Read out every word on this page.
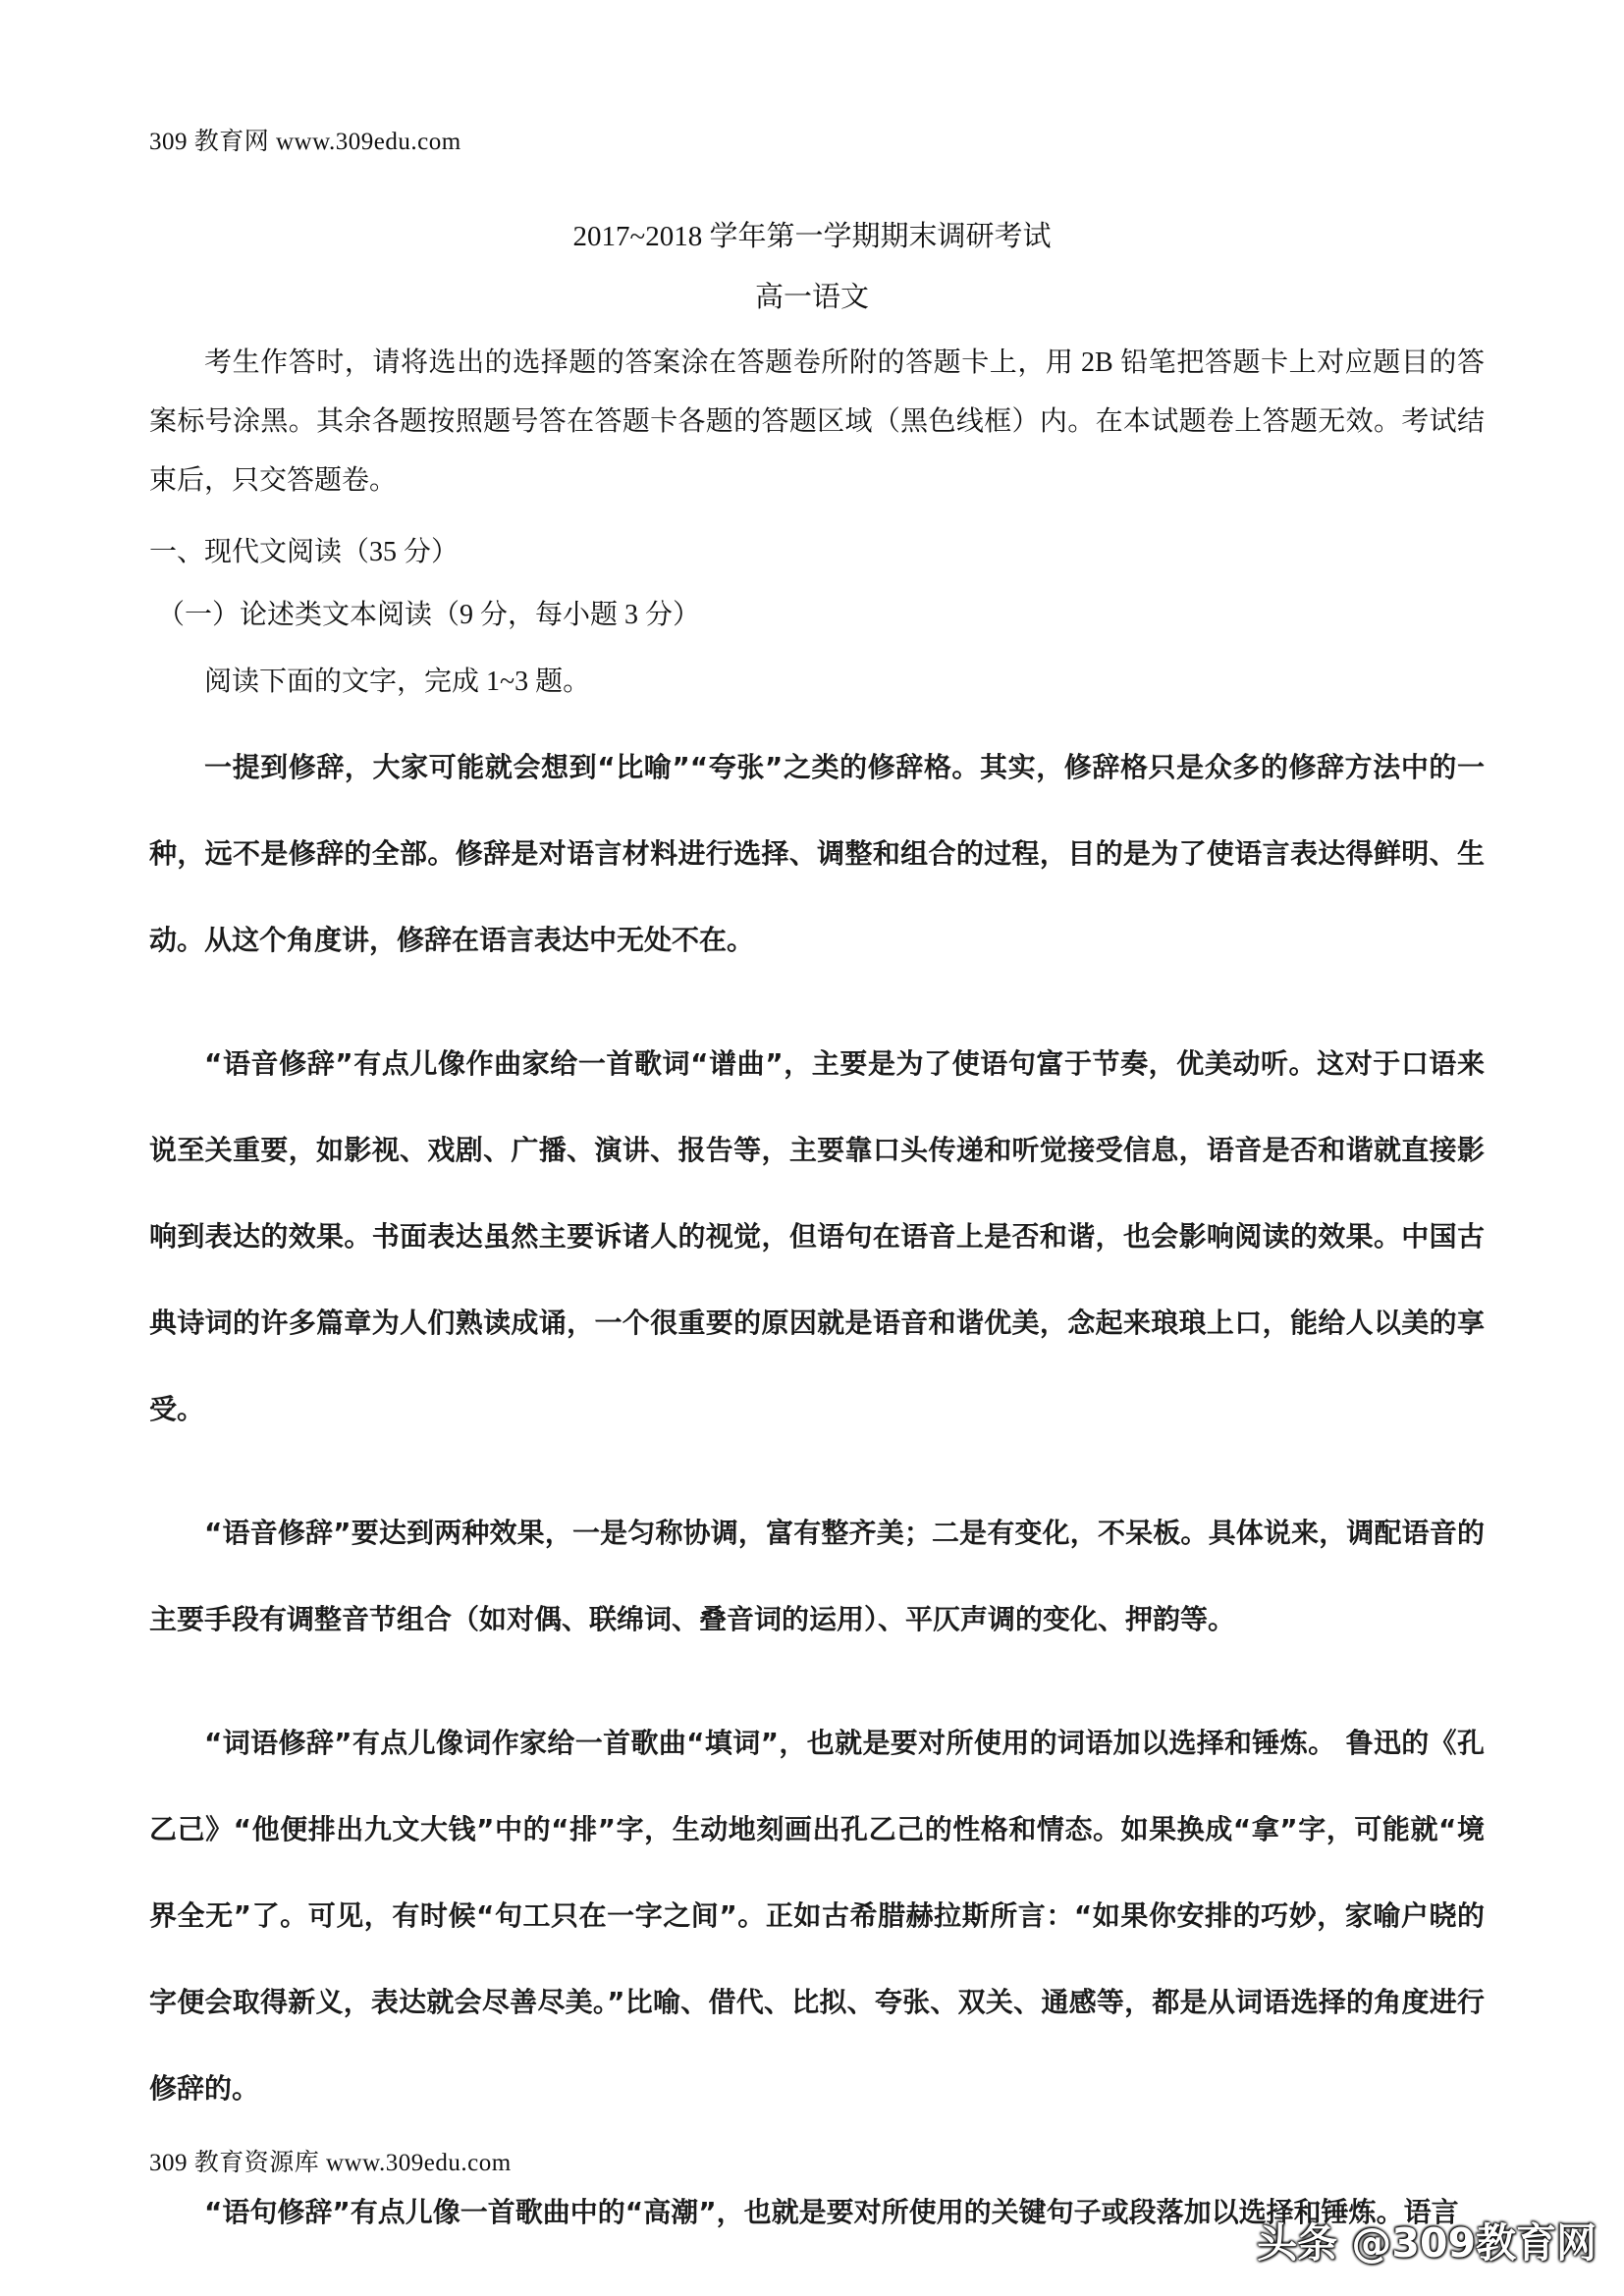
309 教育网 www.309edu.com
2017~2018 学年第一学期期末调研考试
高一语文

考生作答时，请将选出的选择题的答案涂在答题卷所附的答题卡上，用 2B 铅笔把答题卡上对应题目的答案标号涂黑。其余各题按照题号答在答题卡各题的答题区域（黑色线框）内。在本试题卷上答题无效。考试结束后，只交答题卷。

一、现代文阅读（35 分）
（一）论述类文本阅读（9 分，每小题 3 分）
阅读下面的文字，完成 1~3 题。

一提到修辞，大家可能就会想到“比喻”“夸张”之类的修辞格。其实，修辞格只是众多的修辞方法中的一种，远不是修辞的全部。修辞是对语言材料进行选择、调整和组合的过程，目的是为了使语言表达得鲜明、生动。从这个角度讲，修辞在语言表达中无处不在。

“语音修辞”有点儿像作曲家给一首歌词“谱曲”，主要是为了使语句富于节奏，优美动听。这对于口语来说至关重要，如影视、戏剧、广播、演讲、报告等，主要靠口头传递和听觉接受信息，语音是否和谐就直接影响到表达的效果。书面表达虽然主要诉诸人的视觉，但语句在语音上是否和谐，也会影响阅读的效果。中国古典诗词的许多篇章为人们熟读成诵，一个很重要的原因就是语音和谐优美，念起来琅琅上口，能给人以美的享受。

“语音修辞”要达到两种效果，一是匀称协调，富有整齐美；二是有变化，不呆板。具体说来，调配语音的主要手段有调整音节组合（如对偶、联绵词、叠音词的运用）、平仄声调的变化、押韵等。

“词语修辞”有点儿像词作家给一首歌曲“填词”，也就是要对所使用的词语加以选择和锤炼。 鲁迅的《孔乙己》“他便排出九文大钱”中的“排”字，生动地刻画出孔乙己的性格和情态。如果换成“拿”字，可能就“境界全无”了。可见，有时候“句工只在一字之间”。正如古希腊赫拉斯所言：“如果你安排的巧妙，家喻户晓的字便会取得新义，表达就会尽善尽美。”比喻、借代、比拟、夸张、双关、通感等，都是从词语选择的角度进行修辞的。

“语句修辞”有点儿像一首歌曲中的“高潮”，也就是要对所使用的关键句子或段落加以选择和锤炼。语言

309 教育资源库 www.309edu.com
头条 @309教育网
